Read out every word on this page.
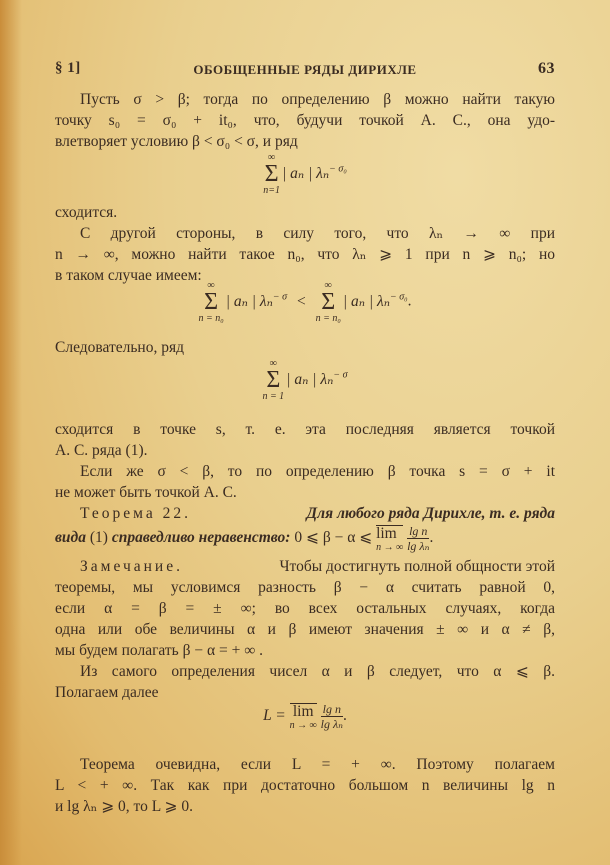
§ 1]	ОБОБЩЕННЫЕ РЯДЫ ДИРИХЛЕ	63
Пусть σ > β; тогда по определению β можно найти такую
точку s₀ = σ₀ + it₀, что, будучи точкой А. С., она удо-
влетворяет условию β < σ₀ < σ, и ряд
∞
Σ
n=1
| aₙ | λₙ$^{- \sigma_0}$
сходится.
С другой стороны, в силу того, что λₙ → ∞ при
n → ∞, можно найти такое n₀, что λₙ ⩾ 1 при n ⩾ n₀; но
в таком случае имеем:
∞
Σ
n = n₀
| aₙ | λₙ$^{- \sigma}$ <
∞
Σ
n = n₀
| aₙ | λₙ$^{- \sigma_0}$.
Следовательно, ряд
∞
Σ
n = 1
| aₙ | λₙ$^{- \sigma}$
сходится в точке s, т. е. эта последняя является точкой
А. С. ряда (1).
Если же σ < β, то по определению β точка s = σ + it
не может быть точкой А. С.
Теорема 22.	Для любого ряда Дирихле, т. е. ряда
вида (1) справедливо неравенство: 0 ⩽ β − α ⩽ lim
n → ∞
$\frac{\text{lg n}}{\text{lg λₙ}}$ .
Замечание.	Чтобы достигнуть полной общности этой
теоремы, мы условимся разность β − α считать равной 0,
если α = β = ± ∞; во всех остальных случаях, когда
одна или обе величины α и β имеют значения ± ∞ и α ≠ β,
мы будем полагать β − α = + ∞ .
Из самого определения чисел α и β следует, что α ⩽ β.
Полагаем далее
L = lim
n → ∞
$\frac{\text{lg n}}{\text{lg λₙ}}$ .
Теорема очевидна, если L = + ∞. Поэтому полагаем
L < + ∞. Так как при достаточно большом n величины lg n
и lg λₙ ⩾ 0, то L ⩾ 0.
